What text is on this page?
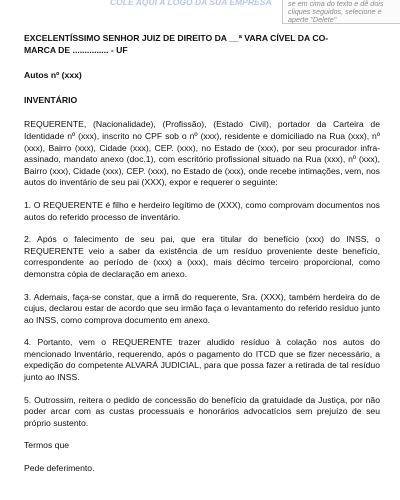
COLE AQUI A LOGO DA SUA EMPRESA	se em cima do texto e dê dois cliques seguidos, selecione e aperte "Delete"

EXCELENTÍSSIMO SENHOR JUIZ DE DIREITO DA __ª VARA CÍVEL DA CO-

MARCA DE ............... - UF

Autos nº (xxx)

INVENTÁRIO

REQUERENTE, (Nacionalidade), (Profissão), (Estado Civil), portador da Carteira de Identidade nº (xxx), inscrito no CPF sob o nº (xxx), residente e domiciliado na Rua (xxx), nº (xxx), Bairro (xxx), Cidade (xxx), CEP. (xxx), no Estado de (xxx), por seu procurador infra-assinado, mandato anexo (doc.1), com escritório profissional situado na Rua (xxx), nº (xxx), Bairro (xxx), Cidade (xxx), CEP. (xxx), no Estado de (xxx), onde recebe intimações, vem, nos autos do inventário de seu pai (XXX), expor e requerer o seguinte:

1. O REQUERENTE é filho e herdeiro legítimo de (XXX), como comprovam documentos nos autos do referido processo de inventário.

2. Após o falecimento de seu pai, que era titular do benefício (xxx) do INSS, o REQUERENTE veio a saber da existência de um resíduo proveniente deste benefício, correspondente ao período de (xxx) a (xxx), mais décimo terceiro proporcional, como demonstra cópia de declaração em anexo.

3. Ademais, faça-se constar, que a irmã do requerente, Sra. (XXX), também herdeira do de cujus, declarou estar de acordo que seu irmão faça o levantamento do referido resíduo junto ao INSS, como comprova documento em anexo.

4. Portanto, vem o REQUERENTE trazer aludido resíduo à colação nos autos do mencionado Inventário, requerendo, após o pagamento do ITCD que se fizer necessário, a expedição do competente ALVARÁ JUDICIAL, para que possa fazer a retirada de tal resíduo junto ao INSS.

5. Outrossim, reitera o pedido de concessão do benefício da gratuidade da Justiça, por não poder arcar com as custas processuais e honorários advocatícios sem prejuízo de seu próprio sustento.

Termos que

Pede deferimento.
